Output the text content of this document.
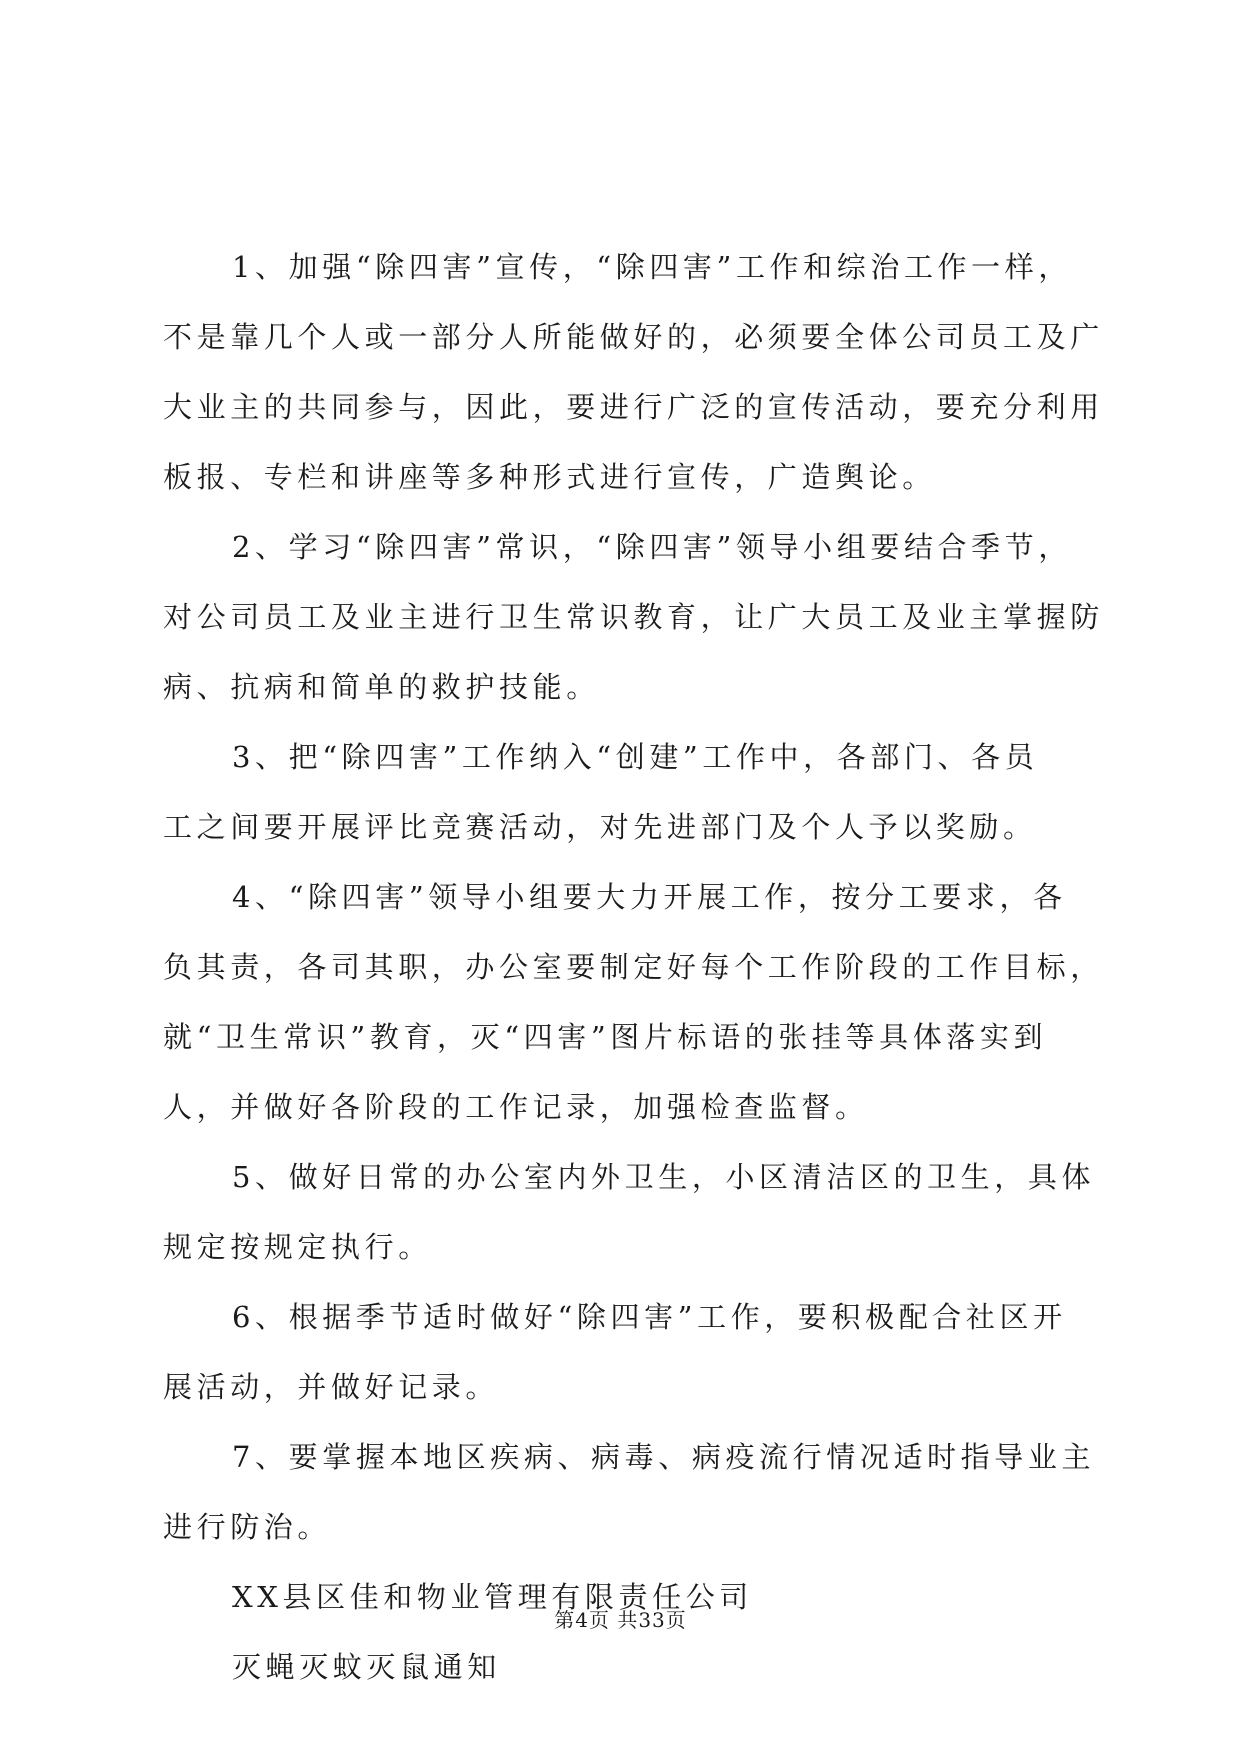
1、加强“除四害”宣传，“除四害”工作和综治工作一样，
不是靠几个人或一部分人所能做好的，必须要全体公司员工及广
大业主的共同参与，因此，要进行广泛的宣传活动，要充分利用
板报、专栏和讲座等多种形式进行宣传，广造舆论。
2、学习“除四害”常识，“除四害”领导小组要结合季节，
对公司员工及业主进行卫生常识教育，让广大员工及业主掌握防
病、抗病和简单的救护技能。
3、把“除四害”工作纳入“创建”工作中，各部门、各员
工之间要开展评比竞赛活动，对先进部门及个人予以奖励。
4、“除四害”领导小组要大力开展工作，按分工要求，各
负其责，各司其职，办公室要制定好每个工作阶段的工作目标，
就“卫生常识”教育，灭“四害”图片标语的张挂等具体落实到
人，并做好各阶段的工作记录，加强检查监督。
5、做好日常的办公室内外卫生，小区清洁区的卫生，具体
规定按规定执行。
6、根据季节适时做好“除四害”工作，要积极配合社区开
展活动，并做好记录。
7、要掌握本地区疾病、病毒、病疫流行情况适时指导业主
进行防治。
XX县区佳和物业管理有限责任公司
灭蝇灭蚊灭鼠通知
第4页 共33页
